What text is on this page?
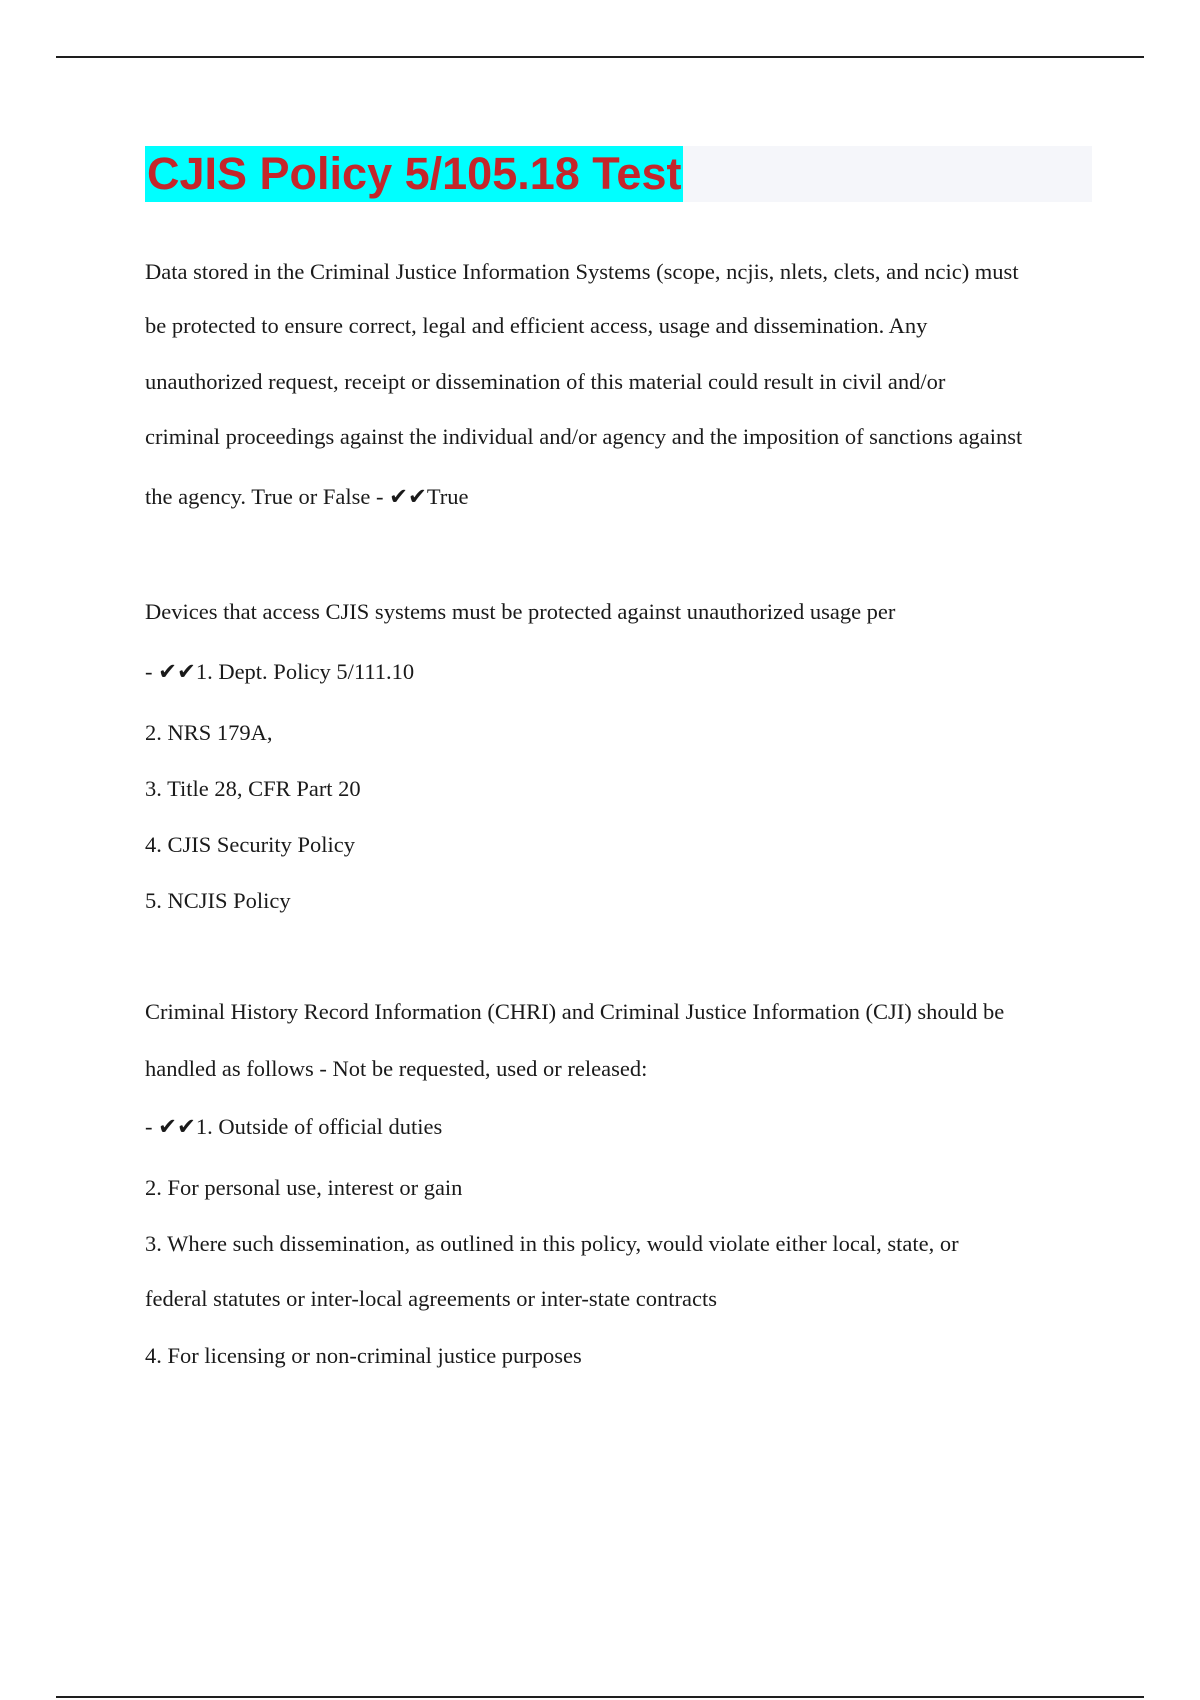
CJIS Policy 5/105.18 Test

Data stored in the Criminal Justice Information Systems (scope, ncjis, nlets, clets, and ncic) must

be protected to ensure correct, legal and efficient access, usage and dissemination. Any

unauthorized request, receipt or dissemination of this material could result in civil and/or

criminal proceedings against the individual and/or agency and the imposition of sanctions against

the agency. True or False - ✔✔True

Devices that access CJIS systems must be protected against unauthorized usage per

- ✔✔1. Dept. Policy 5/111.10

2. NRS 179A,

3. Title 28, CFR Part 20

4. CJIS Security Policy

5. NCJIS Policy

Criminal History Record Information (CHRI) and Criminal Justice Information (CJI) should be

handled as follows - Not be requested, used or released:

- ✔✔1. Outside of official duties

2. For personal use, interest or gain

3. Where such dissemination, as outlined in this policy, would violate either local, state, or

federal statutes or inter-local agreements or inter-state contracts

4. For licensing or non-criminal justice purposes
